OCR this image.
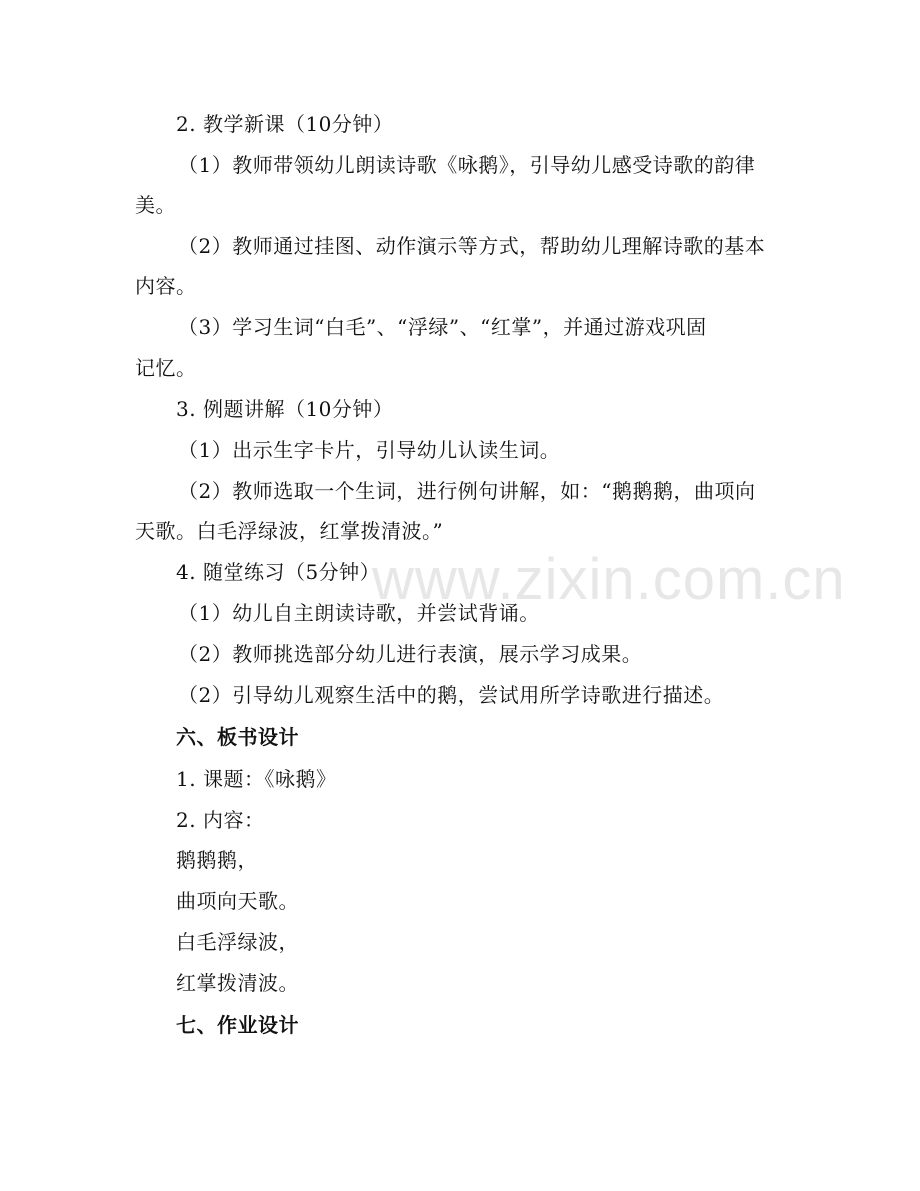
2. 教学新课（10分钟）
（1）教师带领幼儿朗读诗歌《咏鹅》，引导幼儿感受诗歌的韵律
美。
（2）教师通过挂图、动作演示等方式，帮助幼儿理解诗歌的基本
内容。
（3）学习生词“白毛”、“浮绿”、“红掌”，并通过游戏巩固
记忆。
3. 例题讲解（10分钟）
（1）出示生字卡片，引导幼儿认读生词。
（2）教师选取一个生词，进行例句讲解，如：“鹅鹅鹅，曲项向
天歌。白毛浮绿波，红掌拨清波。”
4. 随堂练习（5分钟）
（1）幼儿自主朗读诗歌，并尝试背诵。
（2）教师挑选部分幼儿进行表演，展示学习成果。
（2）引导幼儿观察生活中的鹅，尝试用所学诗歌进行描述。
六、板书设计
1. 课题：《咏鹅》
2. 内容：
鹅鹅鹅，
曲项向天歌。
白毛浮绿波，
红掌拨清波。
七、作业设计
www.zixin.com.cn
